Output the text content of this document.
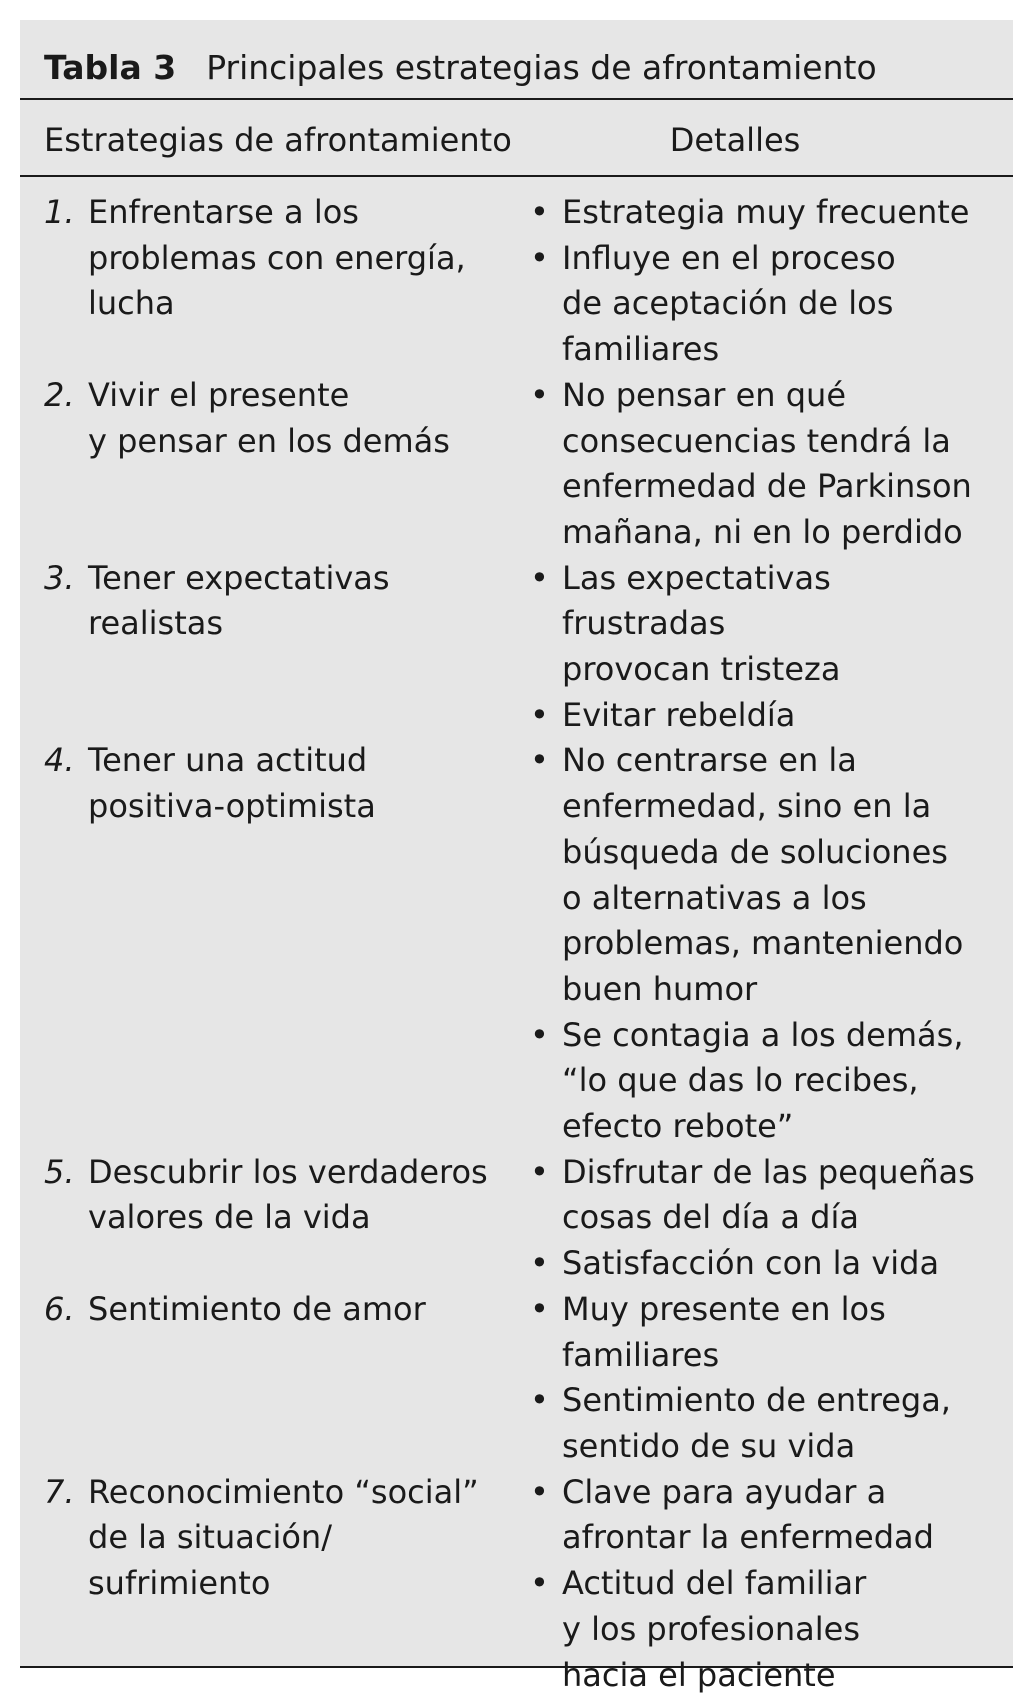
Tabla 3 Principales estrategias de afrontamiento
Estrategias de afrontamiento	Detalles
1. Enfrentarse a los
problemas con energía,
lucha
• Estrategia muy frecuente
• Influye en el proceso
de aceptación de los
familiares
2. Vivir el presente
y pensar en los demás
• No pensar en qué
consecuencias tendrá la
enfermedad de Parkinson
mañana, ni en lo perdido
3. Tener expectativas
realistas
• Las expectativas frustradas
provocan tristeza
• Evitar rebeldía
4. Tener una actitud
positiva-optimista
• No centrarse en la
enfermedad, sino en la
búsqueda de soluciones
o alternativas a los
problemas, manteniendo
buen humor
• Se contagia a los demás,
“lo que das lo recibes,
efecto rebote”
5. Descubrir los verdaderos
valores de la vida
• Disfrutar de las pequeñas
cosas del día a día
• Satisfacción con la vida
6. Sentimiento de amor	• Muy presente en los
familiares
• Sentimiento de entrega,
sentido de su vida
7. Reconocimiento “social”
de la situación/
sufrimiento
• Clave para ayudar a
afrontar la enfermedad
• Actitud del familiar
y los profesionales
hacia el paciente
